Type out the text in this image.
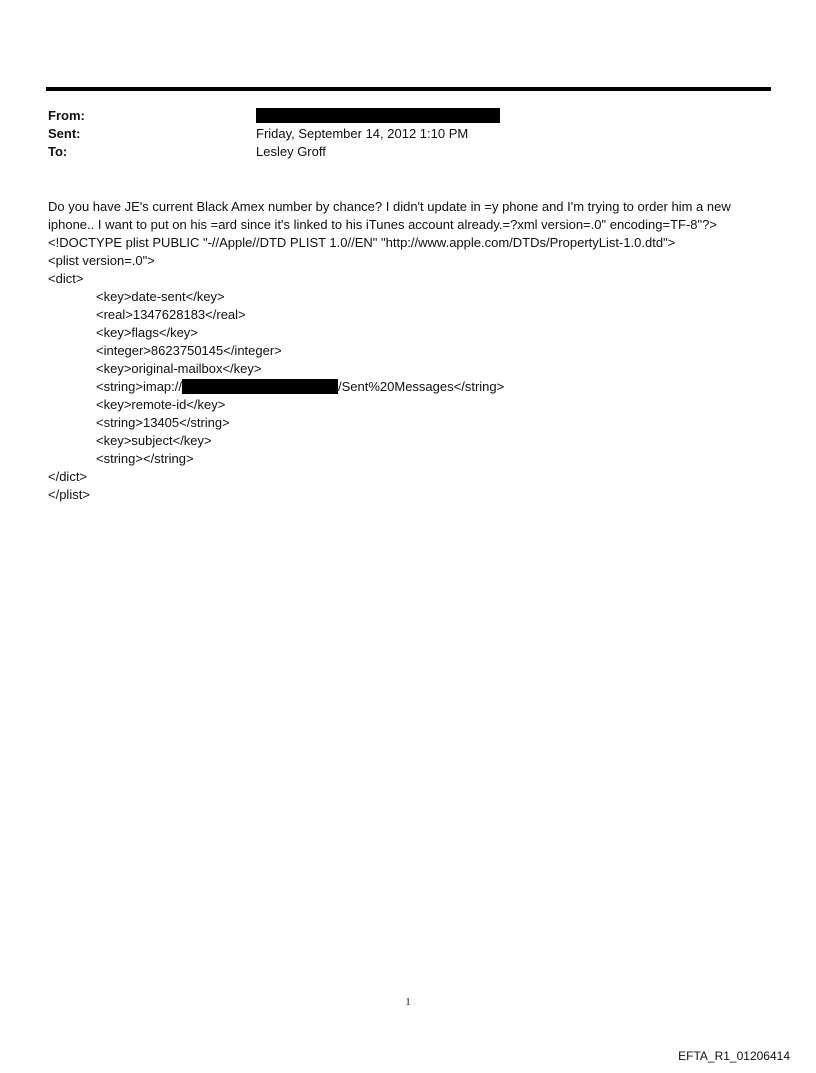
From:
Sent:	Friday, September 14, 2012 1:10 PM
To:	Lesley Groff

Do you have JE's current Black Amex number by chance? I didn't update in =y phone and I'm trying to order him a new

iphone.. I want to put on his =ard since it's linked to his iTunes account already.=?xml version=.0" encoding=TF-8"?>

<!DOCTYPE plist PUBLIC "-//Apple//DTD PLIST 1.0//EN" "http://www.apple.com/DTDs/PropertyList-1.0.dtd">

<plist version=.0">

<dict>

<key>date-sent</key>

<real>1347628183</real>

<key>flags</key>

<integer>8623750145</integer>

<key>original-mailbox</key>

<string>imap://	/Sent%20Messages</string>

<key>remote-id</key>

<string>13405</string>

<key>subject</key>

<string></string>

</dict>

</plist>

1
EFTA_R1_01206414
